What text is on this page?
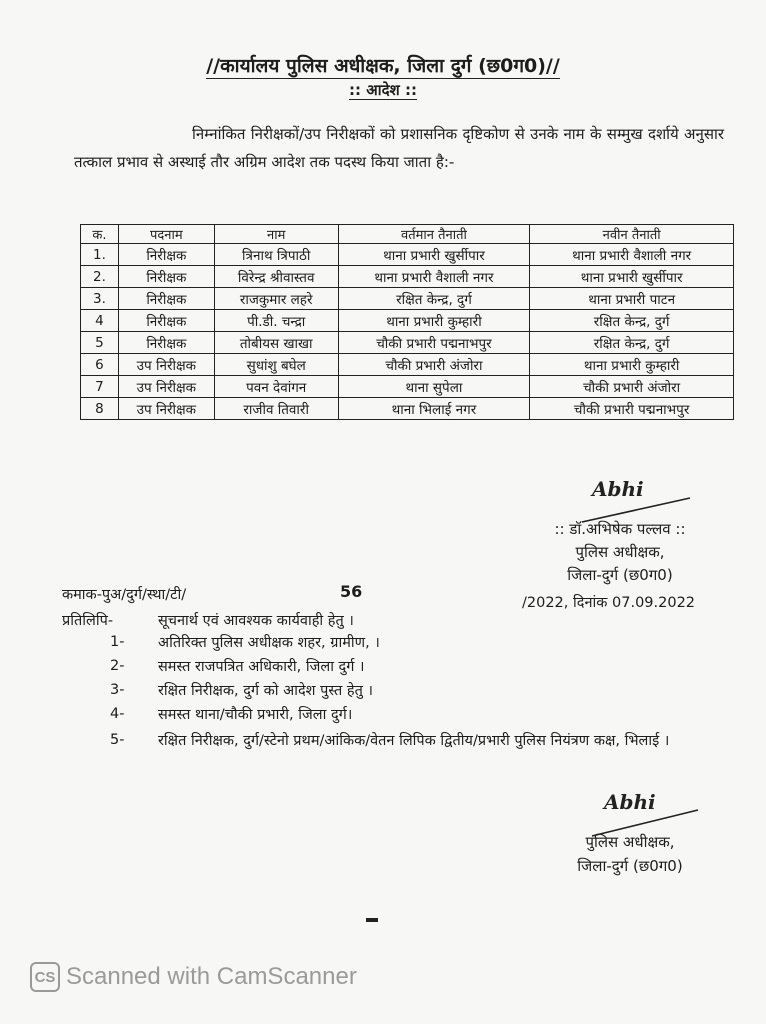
//कार्यालय पुलिस अधीक्षक, जिला दुर्ग (छ0ग0)//
:: आदेश ::
निम्नांकित निरीक्षकों/उप निरीक्षकों को प्रशासनिक दृष्टिकोण से उनके नाम के सम्मुख दर्शाये अनुसार तत्काल प्रभाव से अस्थाई तौर अग्रिम आदेश तक पदस्थ किया जाता है:-
क.	पदनाम	नाम	वर्तमान तैनाती	नवीन तैनाती
1.	निरीक्षक	त्रिनाथ त्रिपाठी	थाना प्रभारी खुर्सीपार	थाना प्रभारी वैशाली नगर
2.	निरीक्षक	विरेन्द्र श्रीवास्तव	थाना प्रभारी वैशाली नगर	थाना प्रभारी खुर्सीपार
3.	निरीक्षक	राजकुमार लहरे	रक्षित केन्द्र, दुर्ग	थाना प्रभारी पाटन
4	निरीक्षक	पी.डी. चन्द्रा	थाना प्रभारी कुम्हारी	रक्षित केन्द्र, दुर्ग
5	निरीक्षक	तोबीयस खाखा	चौकी प्रभारी पद्मनाभपुर	रक्षित केन्द्र, दुर्ग
6	उप निरीक्षक	सुधांशु बघेल	चौकी प्रभारी अंजोरा	थाना प्रभारी कुम्हारी
7	उप निरीक्षक	पवन देवांगन	थाना सुपेला	चौकी प्रभारी अंजोरा
8	उप निरीक्षक	राजीव तिवारी	थाना भिलाई नगर	चौकी प्रभारी पद्मनाभपुर
Abhi
:: डॉ.अभिषेक पल्लव ::
पुलिस अधीक्षक,
जिला-दुर्ग (छ0ग0)
कमाक-पुअ/दुर्ग/स्था/टी/	56
/2022, दिनांक 07.09.2022
प्रतिलिपि-	सूचनार्थ एवं आवश्यक कार्यवाही हेतु ।
1- अतिरिक्त पुलिस अधीक्षक शहर, ग्रामीण, ।
2- समस्त राजपत्रित अधिकारी, जिला दुर्ग ।
3- रक्षित निरीक्षक, दुर्ग को आदेश पुस्त हेतु ।
4- समस्त थाना/चौकी प्रभारी, जिला दुर्ग।
5- रक्षित निरीक्षक, दुर्ग/स्टेनो प्रथम/आंकिक/वेतन लिपिक द्वितीय/प्रभारी पुलिस नियंत्रण कक्ष, भिलाई ।
Abhi
पुलिस अधीक्षक,
जिला-दुर्ग (छ0ग0)
CS Scanned with CamScanner
